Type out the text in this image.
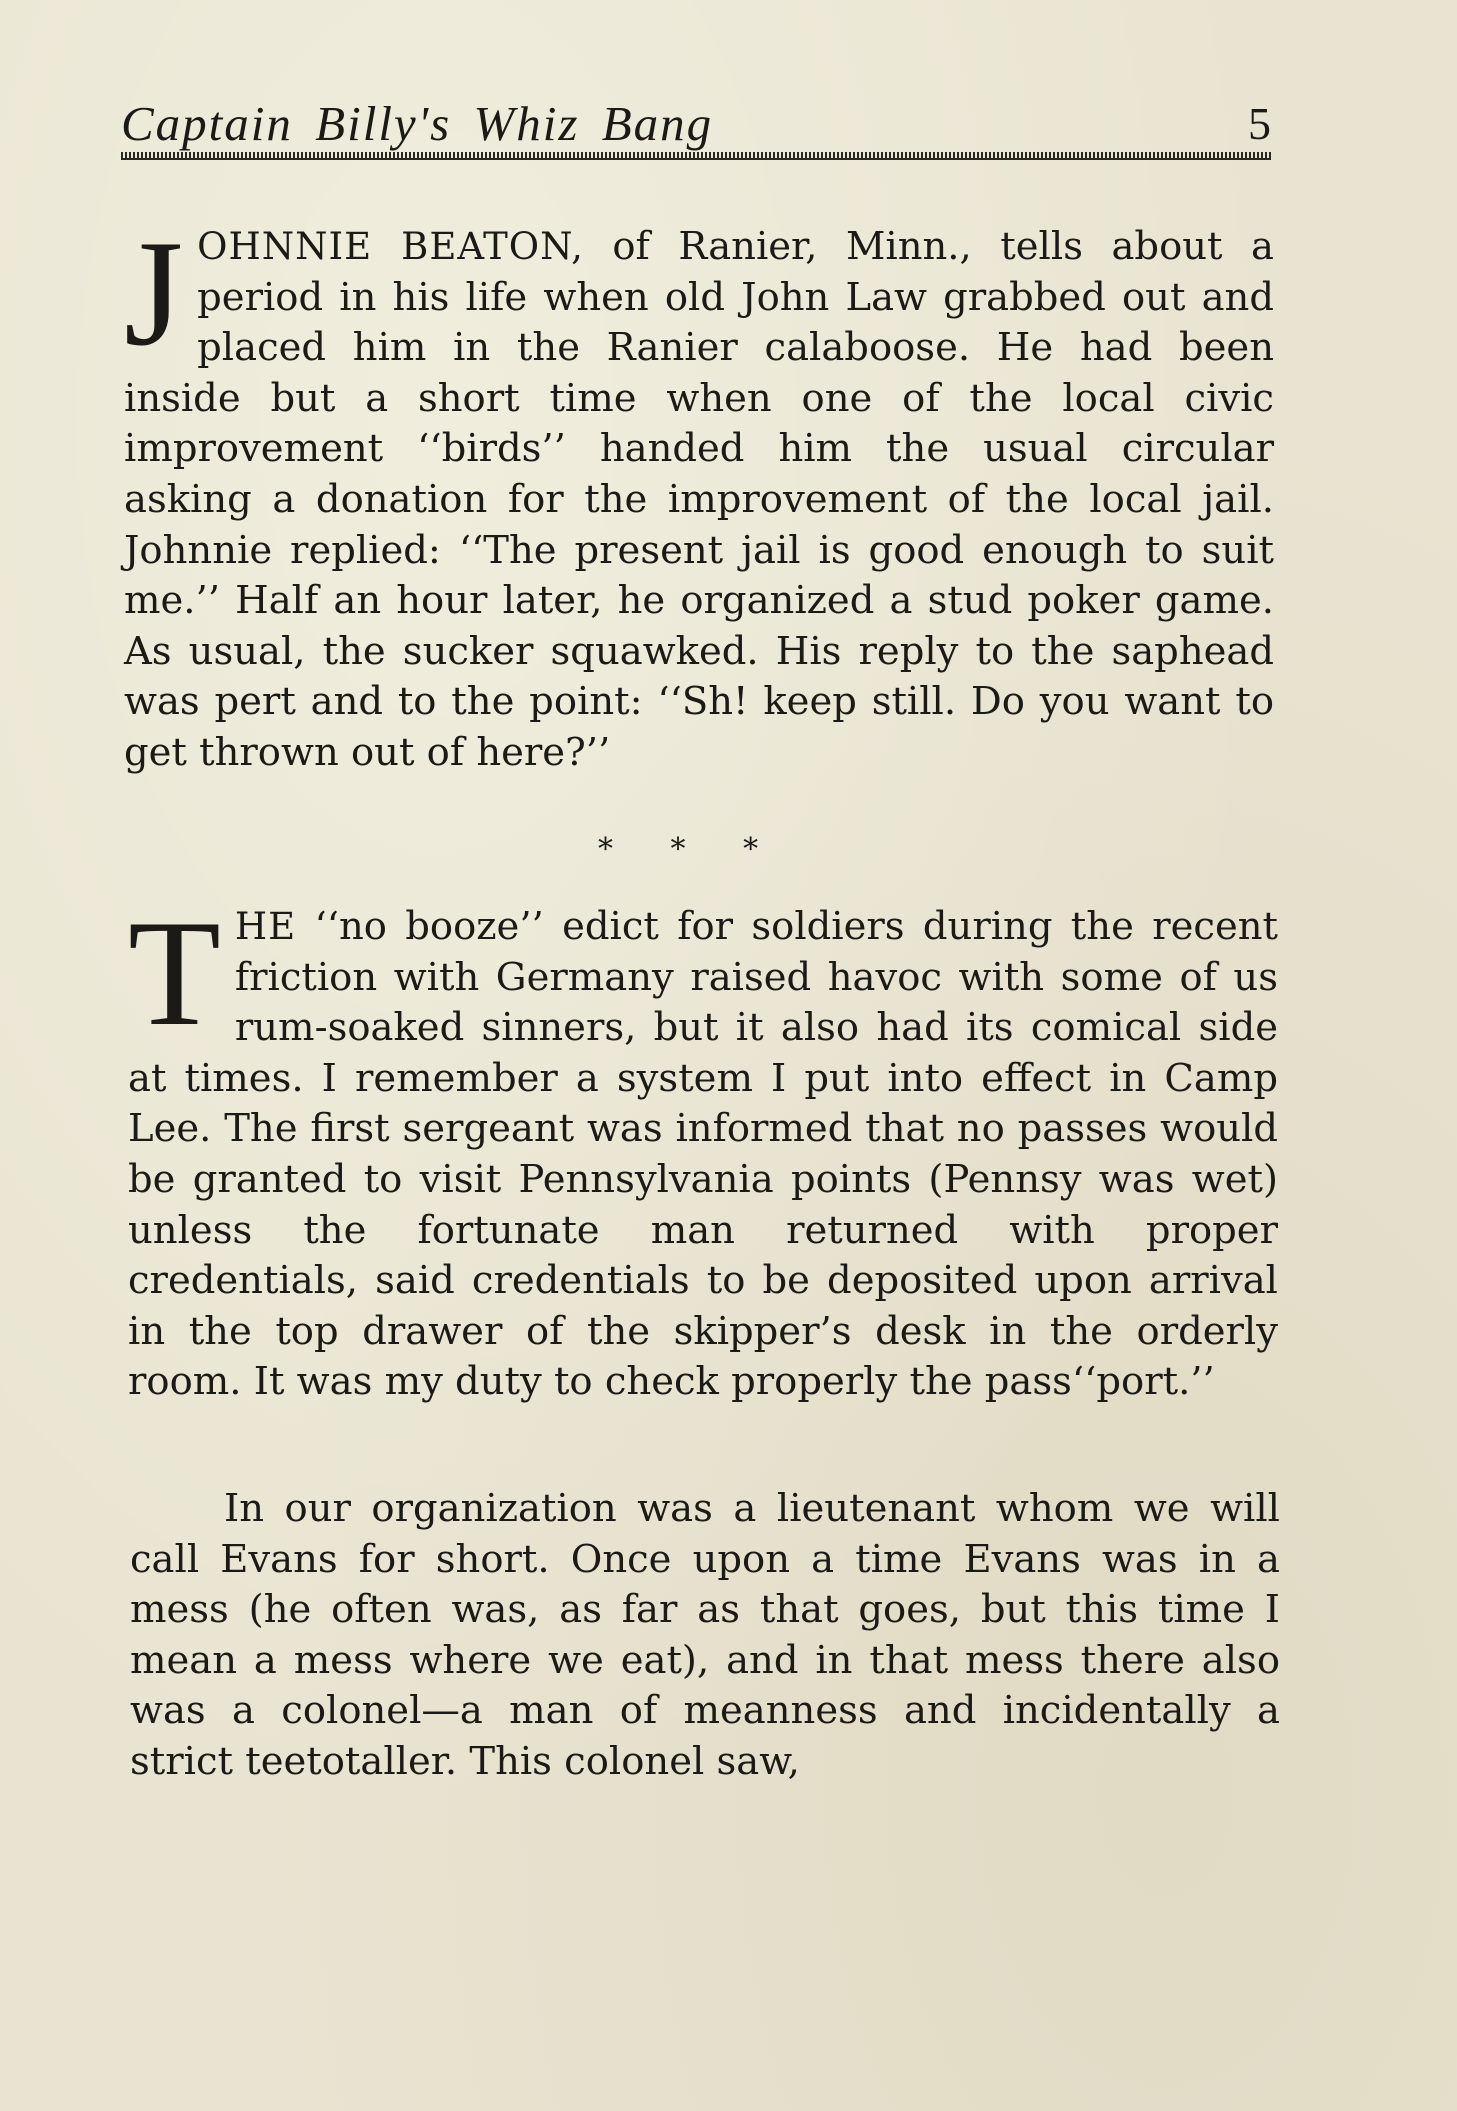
Captain Billy's Whiz Bang	5

JOHNNIE BEATON, of Ranier, Minn., tells about a period in his life when old John Law grabbed out and placed him in the Ranier calaboose. He had been inside but a short time when one of the local civic improvement ‘‘birds’’ handed him the usual circular asking a donation for the improvement of the local jail. Johnnie replied: ‘‘The present jail is good enough to suit me.’’ Half an hour later, he organized a stud poker game. As usual, the sucker squawked. His reply to the saphead was pert and to the point: ‘‘Sh! keep still. Do you want to get thrown out of here?’’

* * *

THE ‘‘no booze’’ edict for soldiers during the recent friction with Germany raised havoc with some of us rum-soaked sinners, but it also had its comical side at times. I remember a system I put into effect in Camp Lee. The first sergeant was informed that no passes would be granted to visit Pennsylvania points (Pennsy was wet) unless the fortunate man returned with proper credentials, said credentials to be deposited upon arrival in the top drawer of the skipper’s desk in the orderly room. It was my duty to check properly the pass‘‘port.’’

In our organization was a lieutenant whom we will call Evans for short. Once upon a time Evans was in a mess (he often was, as far as that goes, but this time I mean a mess where we eat), and in that mess there also was a colonel—a man of meanness and incidentally a strict teetotaller. This colonel saw,
